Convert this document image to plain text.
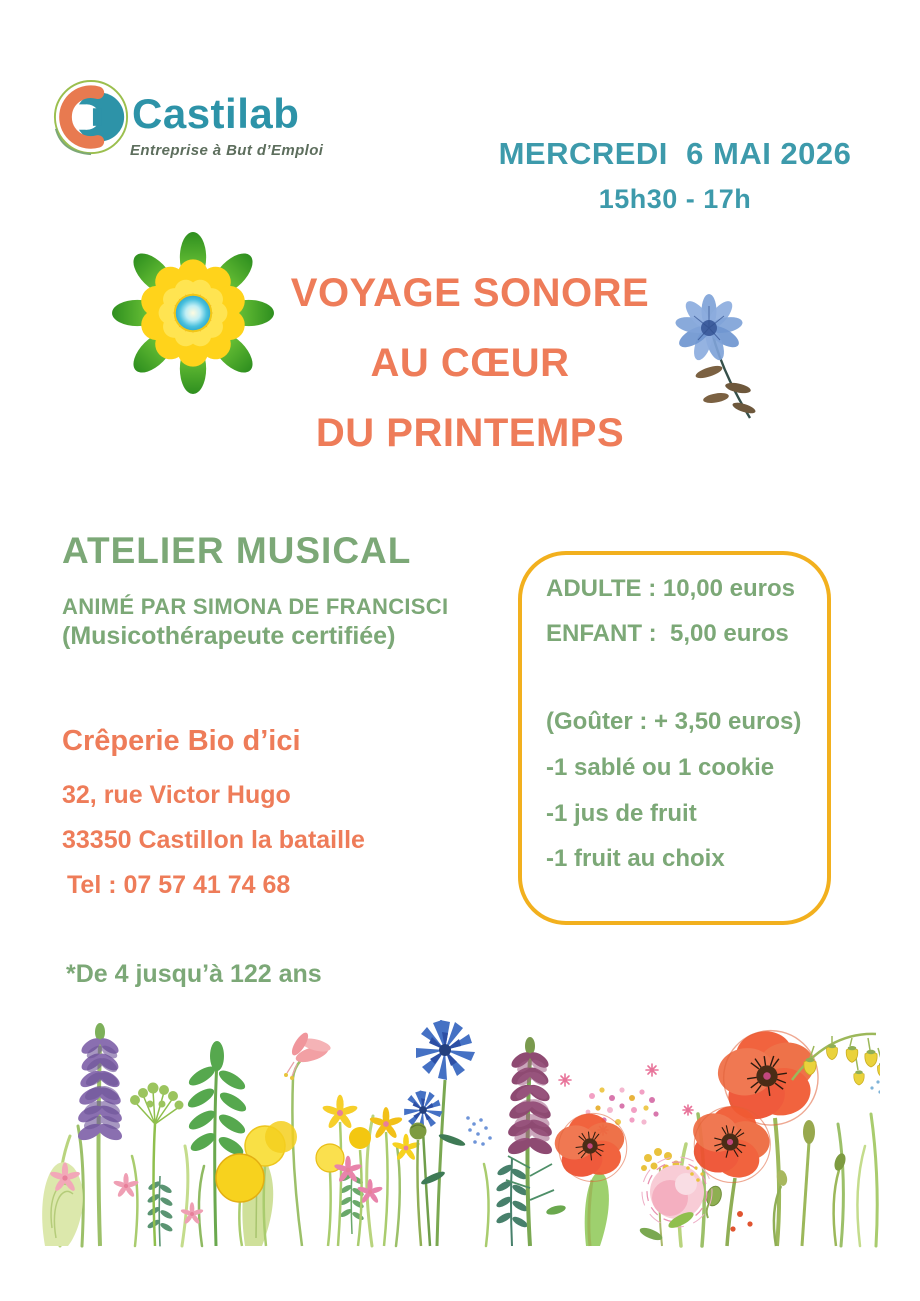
Castilab
Entreprise à But d’Emploi	MERCREDI  6 MAI 2026
15h30 - 17h
VOYAGE SONORE
AU CŒUR
DU PRINTEMPS
ATELIER MUSICAL
ANIMÉ PAR SIMONA DE FRANCISCI
(Musicothérapeute certifiée)
ADULTE : 10,00 euros
ENFANT :  5,00 euros
(Goûter : + 3,50 euros)
-1 sablé ou 1 cookie
-1 jus de fruit
-1 fruit au choix
Crêperie Bio d’ici
32, rue Victor Hugo
33350 Castillon la bataille
Tel : 07 57 41 74 68
*De 4 jusqu’à 122 ans
